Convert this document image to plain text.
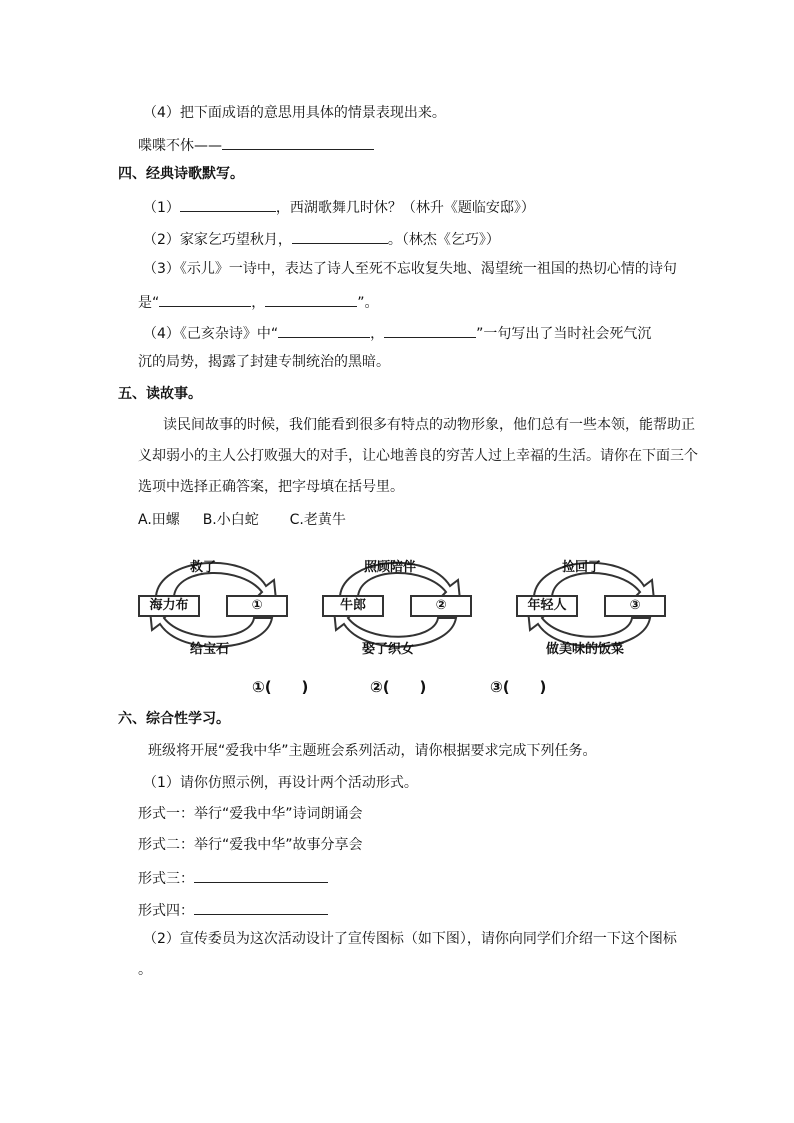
（4）把下面成语的意思用具体的情景表现出来。
喋喋不休——
四、经典诗歌默写。
（1）	，西湖歌舞几时休？（林升《题临安邸》）
（2）家家乞巧望秋月，	。（林杰《乞巧》）
（3）《示儿》一诗中，表达了诗人至死不忘收复失地、渴望统一祖国的热切心情的诗句
是“	，	”。
（4）《己亥杂诗》中“	，	”一句写出了当时社会死气沉
沉的局势，揭露了封建专制统治的黑暗。
五、读故事。
读民间故事的时候，我们能看到很多有特点的动物形象，他们总有一些本领，能帮助正
义却弱小的主人公打败强大的对手，让心地善良的穷苦人过上幸福的生活。请你在下面三个
选项中选择正确答案，把字母填在括号里。
A.田螺 B.小白蛇 C.老黄牛
救了
海力布	①
给宝石
照顾陪伴
牛郎	②
娶了织女
捡回了
年轻人	③
做美味的饭菜
①(　　)	②(　　)	③(　　)
六、综合性学习。
班级将开展“爱我中华”主题班会系列活动，请你根据要求完成下列任务。
（1）请你仿照示例，再设计两个活动形式。
形式一：举行“爱我中华”诗词朗诵会
形式二：举行“爱我中华”故事分享会
形式三：
形式四：
（2）宣传委员为这次活动设计了宣传图标（如下图），请你向同学们介绍一下这个图标
。
